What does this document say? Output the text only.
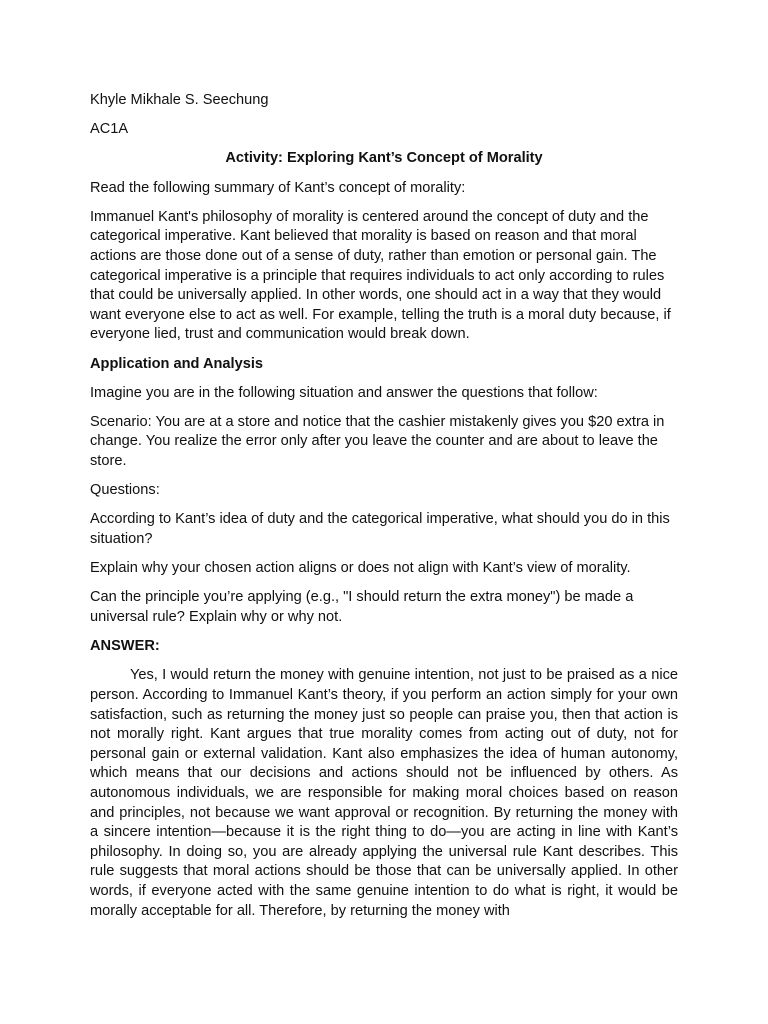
Khyle Mikhale S. Seechung

AC1A

Activity: Exploring Kant’s Concept of Morality

Read the following summary of Kant’s concept of morality:

Immanuel Kant's philosophy of morality is centered around the concept of duty and the categorical imperative. Kant believed that morality is based on reason and that moral actions are those done out of a sense of duty, rather than emotion or personal gain. The categorical imperative is a principle that requires individuals to act only according to rules that could be universally applied. In other words, one should act in a way that they would want everyone else to act as well. For example, telling the truth is a moral duty because, if everyone lied, trust and communication would break down.

Application and Analysis

Imagine you are in the following situation and answer the questions that follow:

Scenario: You are at a store and notice that the cashier mistakenly gives you $20 extra in change. You realize the error only after you leave the counter and are about to leave the store.

Questions:

According to Kant’s idea of duty and the categorical imperative, what should you do in this situation?

Explain why your chosen action aligns or does not align with Kant’s view of morality.

Can the principle you’re applying (e.g., "I should return the extra money") be made a universal rule? Explain why or why not.

ANSWER:

Yes, I would return the money with genuine intention, not just to be praised as a nice person. According to Immanuel Kant’s theory, if you perform an action simply for your own satisfaction, such as returning the money just so people can praise you, then that action is not morally right. Kant argues that true morality comes from acting out of duty, not for personal gain or external validation. Kant also emphasizes the idea of human autonomy, which means that our decisions and actions should not be influenced by others. As autonomous individuals, we are responsible for making moral choices based on reason and principles, not because we want approval or recognition. By returning the money with a sincere intention—because it is the right thing to do—you are acting in line with Kant’s philosophy. In doing so, you are already applying the universal rule Kant describes. This rule suggests that moral actions should be those that can be universally applied. In other words, if everyone acted with the same genuine intention to do what is right, it would be morally acceptable for all. Therefore, by returning the money with
